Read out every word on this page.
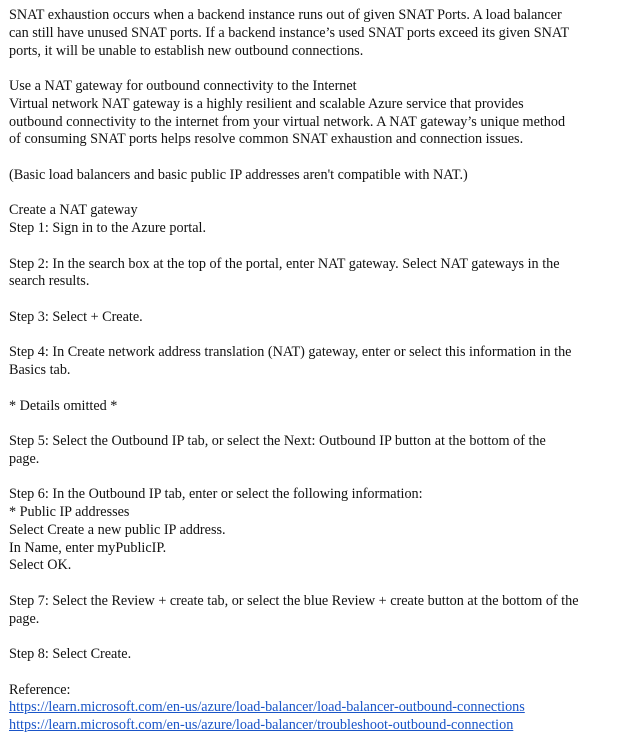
SNAT exhaustion occurs when a backend instance runs out of given SNAT Ports. A load balancer
can still have unused SNAT ports. If a backend instance’s used SNAT ports exceed its given SNAT
ports, it will be unable to establish new outbound connections.
Use a NAT gateway for outbound connectivity to the Internet
Virtual network NAT gateway is a highly resilient and scalable Azure service that provides
outbound connectivity to the internet from your virtual network. A NAT gateway’s unique method
of consuming SNAT ports helps resolve common SNAT exhaustion and connection issues.
(Basic load balancers and basic public IP addresses aren't compatible with NAT.)
Create a NAT gateway
Step 1: Sign in to the Azure portal.
Step 2: In the search box at the top of the portal, enter NAT gateway. Select NAT gateways in the
search results.
Step 3: Select + Create.
Step 4: In Create network address translation (NAT) gateway, enter or select this information in the
Basics tab.
* Details omitted *
Step 5: Select the Outbound IP tab, or select the Next: Outbound IP button at the bottom of the
page.
Step 6: In the Outbound IP tab, enter or select the following information:
* Public IP addresses
Select Create a new public IP address.
In Name, enter myPublicIP.
Select OK.
Step 7: Select the Review + create tab, or select the blue Review + create button at the bottom of the
page.
Step 8: Select Create.
Reference:
https://learn.microsoft.com/en-us/azure/load-balancer/load-balancer-outbound-connections
https://learn.microsoft.com/en-us/azure/load-balancer/troubleshoot-outbound-connection
